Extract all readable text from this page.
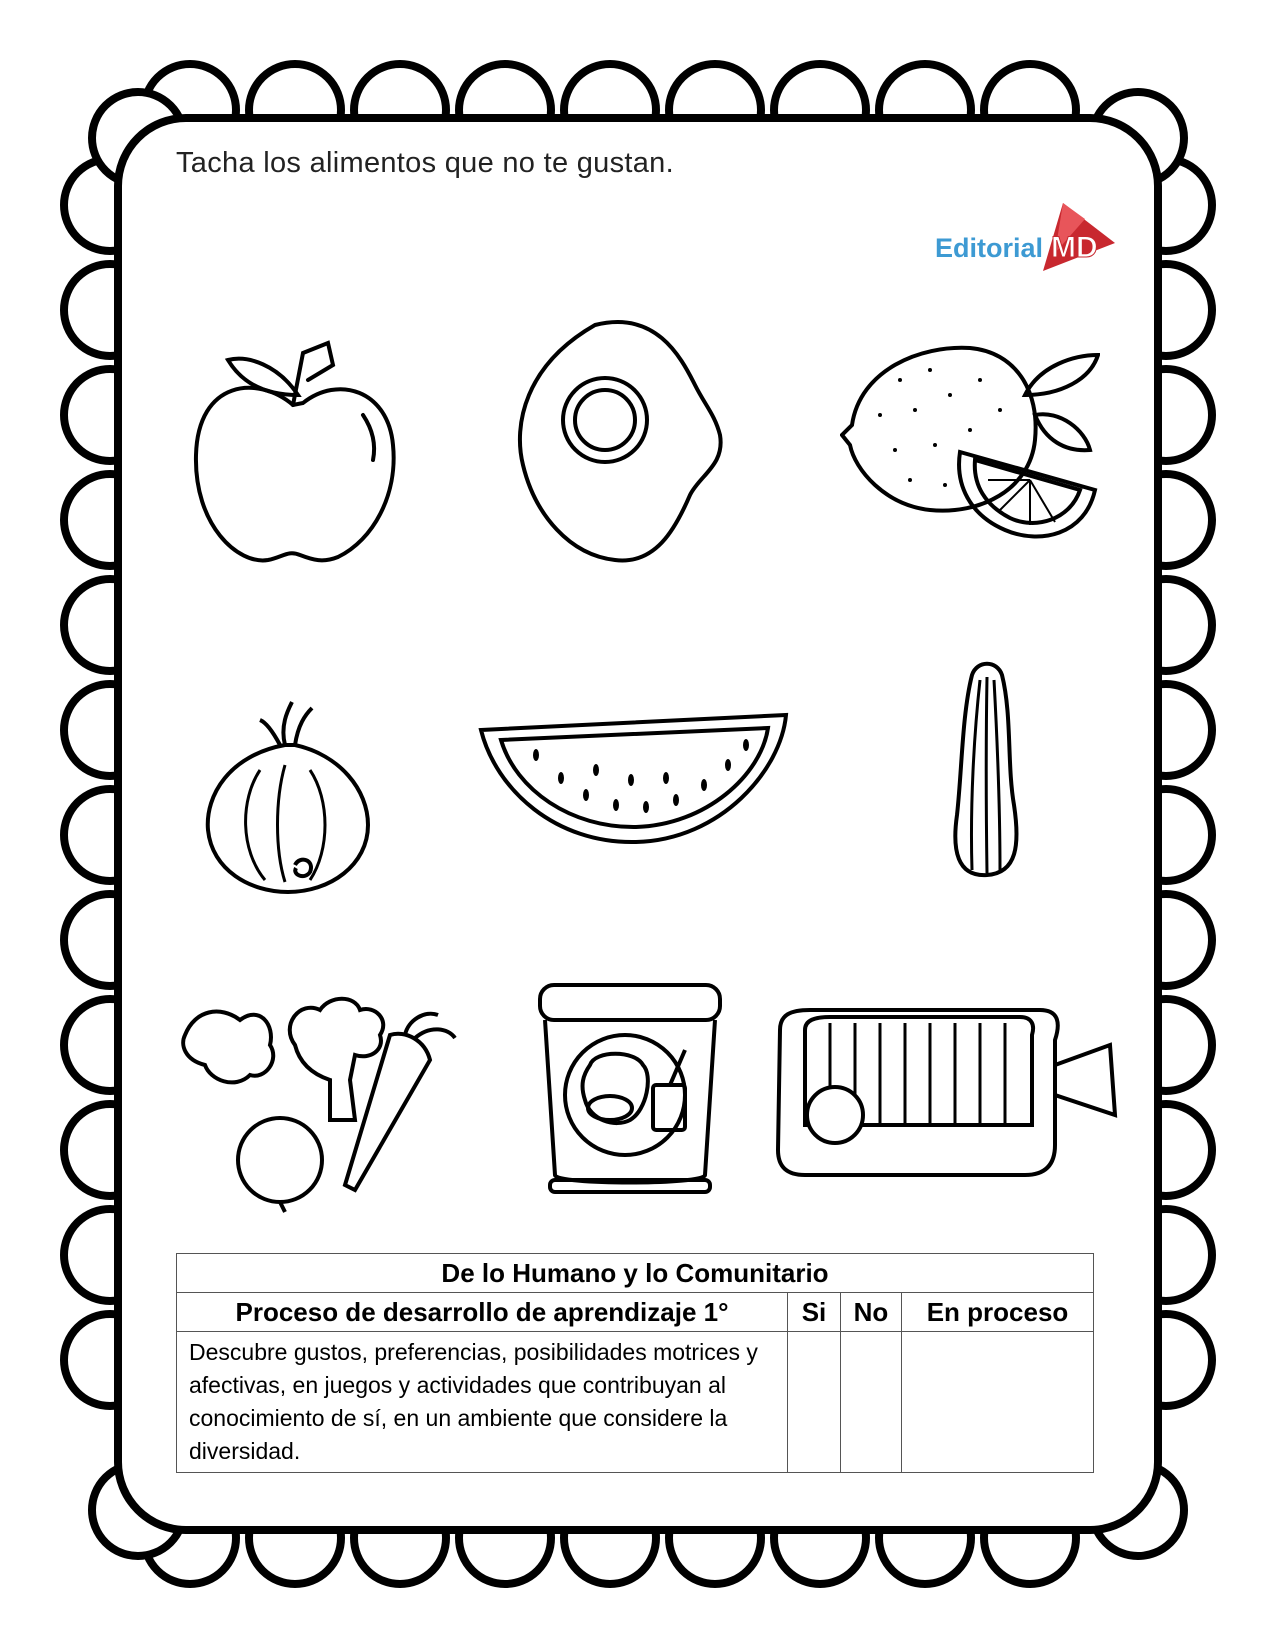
Tacha los alimentos que no te gustan.
MD
Editorial
De lo Humano y lo Comunitario			
Proceso de desarrollo de aprendizaje 1°	Si	No	En proceso
Descubre gustos, preferencias, posibilidades motrices y afectivas, en juegos y actividades que contribuyan al conocimiento de sí, en un ambiente que considere la diversidad.			
